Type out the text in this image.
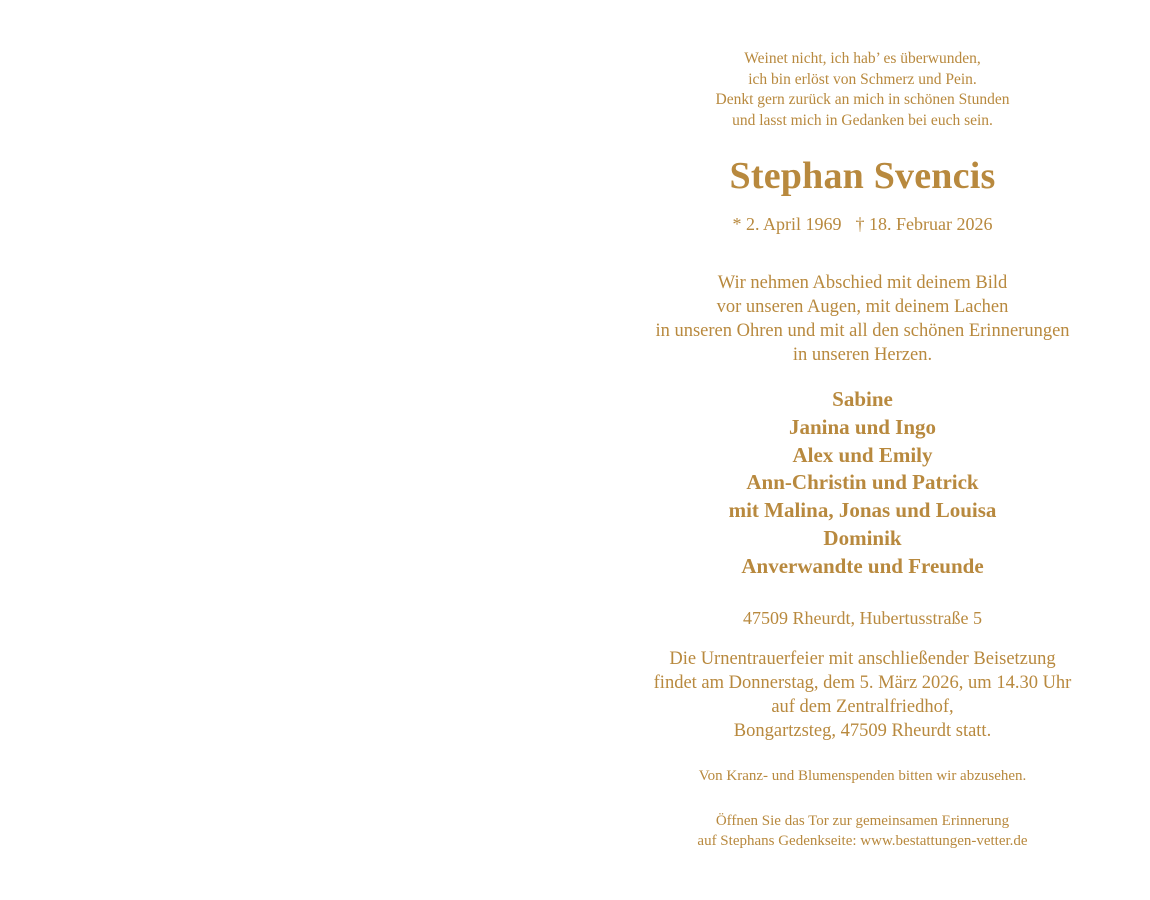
Weinet nicht, ich hab’ es überwunden,
ich bin erlöst von Schmerz und Pein.
Denkt gern zurück an mich in schönen Stunden
und lasst mich in Gedanken bei euch sein.

Stephan Svencis

* 2. April 1969 † 18. Februar 2026

Wir nehmen Abschied mit deinem Bild
vor unseren Augen, mit deinem Lachen
in unseren Ohren und mit all den schönen Erinnerungen
in unseren Herzen.

Sabine
Janina und Ingo
Alex und Emily
Ann-Christin und Patrick
mit Malina, Jonas und Louisa
Dominik
Anverwandte und Freunde

47509 Rheurdt, Hubertusstraße 5

Die Urnentrauerfeier mit anschließender Beisetzung
findet am Donnerstag, dem 5. März 2026, um 14.30 Uhr
auf dem Zentralfriedhof,
Bongartzsteg, 47509 Rheurdt statt.

Von Kranz- und Blumenspenden bitten wir abzusehen.

Öffnen Sie das Tor zur gemeinsamen Erinnerung
auf Stephans Gedenkseite: www.bestattungen-vetter.de
